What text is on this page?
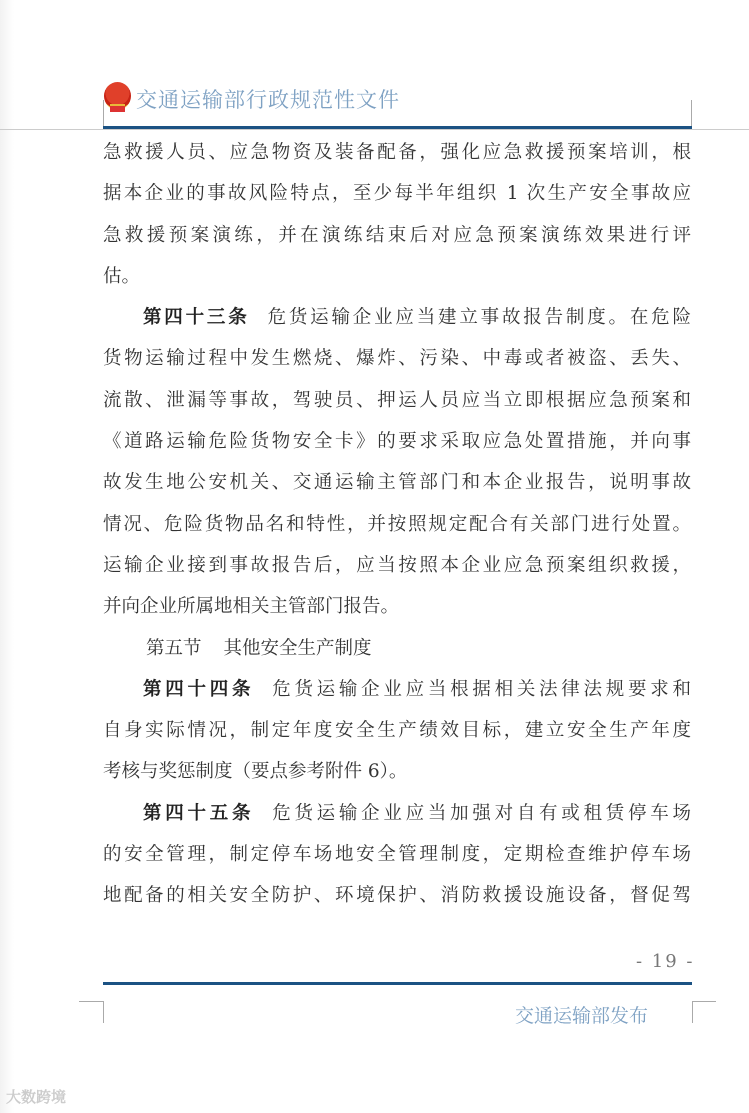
交通运输部行政规范性文件
急救援人员、应急物资及装备配备，强化应急救援预案培训，根
据本企业的事故风险特点，至少每半年组织 1 次生产安全事故应
急救援预案演练，并在演练结束后对应急预案演练效果进行评
估。
第四十三条 危货运输企业应当建立事故报告制度。在危险
货物运输过程中发生燃烧、爆炸、污染、中毒或者被盗、丢失、
流散、泄漏等事故，驾驶员、押运人员应当立即根据应急预案和
《道路运输危险货物安全卡》的要求采取应急处置措施，并向事
故发生地公安机关、交通运输主管部门和本企业报告，说明事故
情况、危险货物品名和特性，并按照规定配合有关部门进行处置。
运输企业接到事故报告后，应当按照本企业应急预案组织救援，
并向企业所属地相关主管部门报告。
第五节 其他安全生产制度
第四十四条 危货运输企业应当根据相关法律法规要求和
自身实际情况，制定年度安全生产绩效目标，建立安全生产年度
考核与奖惩制度（要点参考附件 6）。
第四十五条 危货运输企业应当加强对自有或租赁停车场
的安全管理，制定停车场地安全管理制度，定期检查维护停车场
地配备的相关安全防护、环境保护、消防救援设施设备，督促驾
- 19 -
交通运输部发布
大数跨境
